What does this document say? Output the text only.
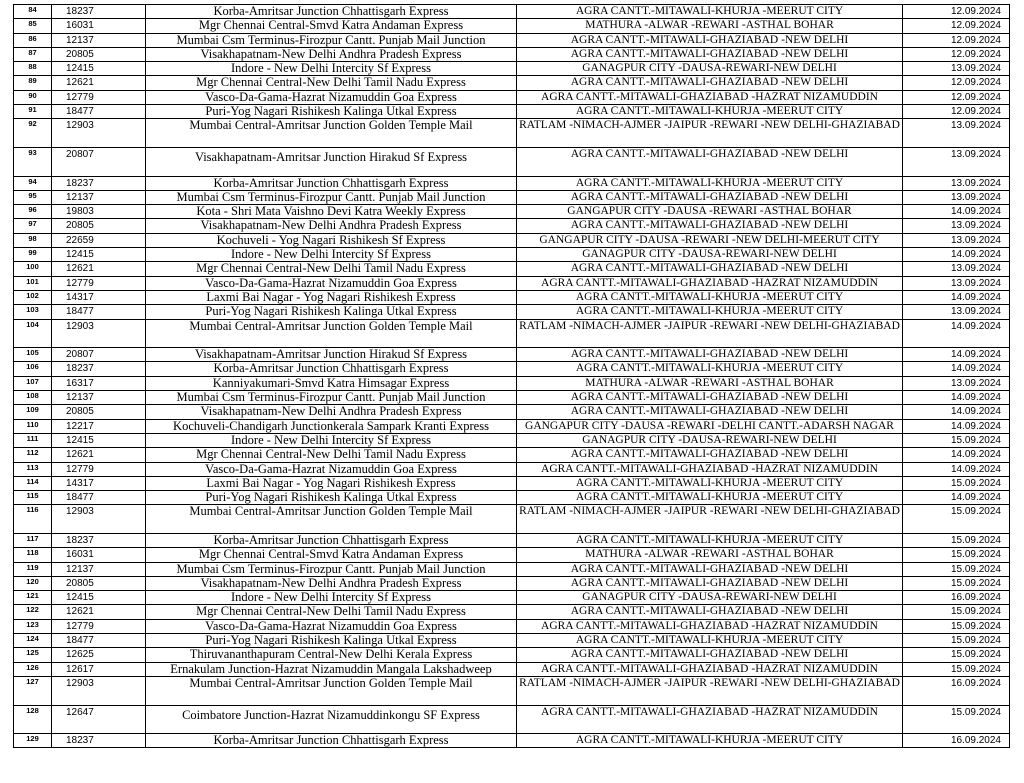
84	18237	Korba-Amritsar Junction Chhattisgarh Express	AGRA CANTT.-MITAWALI-KHURJA -MEERUT CITY	12.09.2024
85	16031	Mgr Chennai Central-Smvd Katra Andaman Express	MATHURA -ALWAR -REWARI -ASTHAL BOHAR	12.09.2024
86	12137	Mumbai Csm Terminus-Firozpur Cantt. Punjab Mail Junction	AGRA CANTT.-MITAWALI-GHAZIABAD -NEW DELHI	12.09.2024
87	20805	Visakhapatnam-New Delhi Andhra Pradesh Express	AGRA CANTT.-MITAWALI-GHAZIABAD -NEW DELHI	12.09.2024
88	12415	Indore - New Delhi Intercity Sf Express	GANAGPUR CITY -DAUSA-REWARI-NEW DELHI	13.09.2024
89	12621	Mgr Chennai Central-New Delhi Tamil Nadu Express	AGRA CANTT.-MITAWALI-GHAZIABAD -NEW DELHI	12.09.2024
90	12779	Vasco-Da-Gama-Hazrat Nizamuddin Goa Express	AGRA CANTT.-MITAWALI-GHAZIABAD -HAZRAT NIZAMUDDIN	12.09.2024
91	18477	Puri-Yog Nagari Rishikesh Kalinga Utkal Express	AGRA CANTT.-MITAWALI-KHURJA -MEERUT CITY	12.09.2024
92	12903	Mumbai Central-Amritsar Junction Golden Temple Mail	RATLAM -NIMACH-AJMER -JAIPUR -REWARI -NEW DELHI-GHAZIABAD	13.09.2024
93	20807	Visakhapatnam-Amritsar Junction Hirakud Sf Express	AGRA CANTT.-MITAWALI-GHAZIABAD -NEW DELHI	13.09.2024
94	18237	Korba-Amritsar Junction Chhattisgarh Express	AGRA CANTT.-MITAWALI-KHURJA -MEERUT CITY	13.09.2024
95	12137	Mumbai Csm Terminus-Firozpur Cantt. Punjab Mail Junction	AGRA CANTT.-MITAWALI-GHAZIABAD -NEW DELHI	13.09.2024
96	19803	Kota - Shri Mata Vaishno Devi Katra Weekly Express	GANGAPUR CITY -DAUSA -REWARI -ASTHAL BOHAR	14.09.2024
97	20805	Visakhapatnam-New Delhi Andhra Pradesh Express	AGRA CANTT.-MITAWALI-GHAZIABAD -NEW DELHI	13.09.2024
98	22659	Kochuveli - Yog Nagari Rishikesh Sf Express	GANGAPUR CITY -DAUSA -REWARI -NEW DELHI-MEERUT CITY	13.09.2024
99	12415	Indore - New Delhi Intercity Sf Express	GANAGPUR CITY -DAUSA-REWARI-NEW DELHI	14.09.2024
100	12621	Mgr Chennai Central-New Delhi Tamil Nadu Express	AGRA CANTT.-MITAWALI-GHAZIABAD -NEW DELHI	13.09.2024
101	12779	Vasco-Da-Gama-Hazrat Nizamuddin Goa Express	AGRA CANTT.-MITAWALI-GHAZIABAD -HAZRAT NIZAMUDDIN	13.09.2024
102	14317	Laxmi Bai Nagar - Yog Nagari Rishikesh Express	AGRA CANTT.-MITAWALI-KHURJA -MEERUT CITY	14.09.2024
103	18477	Puri-Yog Nagari Rishikesh Kalinga Utkal Express	AGRA CANTT.-MITAWALI-KHURJA -MEERUT CITY	13.09.2024
104	12903	Mumbai Central-Amritsar Junction Golden Temple Mail	RATLAM -NIMACH-AJMER -JAIPUR -REWARI -NEW DELHI-GHAZIABAD	14.09.2024
105	20807	Visakhapatnam-Amritsar Junction Hirakud Sf Express	AGRA CANTT.-MITAWALI-GHAZIABAD -NEW DELHI	14.09.2024
106	18237	Korba-Amritsar Junction Chhattisgarh Express	AGRA CANTT.-MITAWALI-KHURJA -MEERUT CITY	14.09.2024
107	16317	Kanniyakumari-Smvd Katra Himsagar Express	MATHURA -ALWAR -REWARI -ASTHAL BOHAR	13.09.2024
108	12137	Mumbai Csm Terminus-Firozpur Cantt. Punjab Mail Junction	AGRA CANTT.-MITAWALI-GHAZIABAD -NEW DELHI	14.09.2024
109	20805	Visakhapatnam-New Delhi Andhra Pradesh Express	AGRA CANTT.-MITAWALI-GHAZIABAD -NEW DELHI	14.09.2024
110	12217	Kochuveli-Chandigarh Junctionkerala Sampark Kranti Express	GANGAPUR CITY -DAUSA -REWARI -DELHI CANTT.-ADARSH NAGAR	14.09.2024
111	12415	Indore - New Delhi Intercity Sf Express	GANAGPUR CITY -DAUSA-REWARI-NEW DELHI	15.09.2024
112	12621	Mgr Chennai Central-New Delhi Tamil Nadu Express	AGRA CANTT.-MITAWALI-GHAZIABAD -NEW DELHI	14.09.2024
113	12779	Vasco-Da-Gama-Hazrat Nizamuddin Goa Express	AGRA CANTT.-MITAWALI-GHAZIABAD -HAZRAT NIZAMUDDIN	14.09.2024
114	14317	Laxmi Bai Nagar - Yog Nagari Rishikesh Express	AGRA CANTT.-MITAWALI-KHURJA -MEERUT CITY	15.09.2024
115	18477	Puri-Yog Nagari Rishikesh Kalinga Utkal Express	AGRA CANTT.-MITAWALI-KHURJA -MEERUT CITY	14.09.2024
116	12903	Mumbai Central-Amritsar Junction Golden Temple Mail	RATLAM -NIMACH-AJMER -JAIPUR -REWARI -NEW DELHI-GHAZIABAD	15.09.2024
117	18237	Korba-Amritsar Junction Chhattisgarh Express	AGRA CANTT.-MITAWALI-KHURJA -MEERUT CITY	15.09.2024
118	16031	Mgr Chennai Central-Smvd Katra Andaman Express	MATHURA -ALWAR -REWARI -ASTHAL BOHAR	15.09.2024
119	12137	Mumbai Csm Terminus-Firozpur Cantt. Punjab Mail Junction	AGRA CANTT.-MITAWALI-GHAZIABAD -NEW DELHI	15.09.2024
120	20805	Visakhapatnam-New Delhi Andhra Pradesh Express	AGRA CANTT.-MITAWALI-GHAZIABAD -NEW DELHI	15.09.2024
121	12415	Indore - New Delhi Intercity Sf Express	GANAGPUR CITY -DAUSA-REWARI-NEW DELHI	16.09.2024
122	12621	Mgr Chennai Central-New Delhi Tamil Nadu Express	AGRA CANTT.-MITAWALI-GHAZIABAD -NEW DELHI	15.09.2024
123	12779	Vasco-Da-Gama-Hazrat Nizamuddin Goa Express	AGRA CANTT.-MITAWALI-GHAZIABAD -HAZRAT NIZAMUDDIN	15.09.2024
124	18477	Puri-Yog Nagari Rishikesh Kalinga Utkal Express	AGRA CANTT.-MITAWALI-KHURJA -MEERUT CITY	15.09.2024
125	12625	Thiruvananthapuram Central-New Delhi Kerala Express	AGRA CANTT.-MITAWALI-GHAZIABAD -NEW DELHI	15.09.2024
126	12617	Ernakulam Junction-Hazrat Nizamuddin Mangala Lakshadweep	AGRA CANTT.-MITAWALI-GHAZIABAD -HAZRAT NIZAMUDDIN	15.09.2024
127	12903	Mumbai Central-Amritsar Junction Golden Temple Mail	RATLAM -NIMACH-AJMER -JAIPUR -REWARI -NEW DELHI-GHAZIABAD	16.09.2024
128	12647	Coimbatore Junction-Hazrat Nizamuddinkongu SF Express	AGRA CANTT.-MITAWALI-GHAZIABAD -HAZRAT NIZAMUDDIN	15.09.2024
129	18237	Korba-Amritsar Junction Chhattisgarh Express	AGRA CANTT.-MITAWALI-KHURJA -MEERUT CITY	16.09.2024
